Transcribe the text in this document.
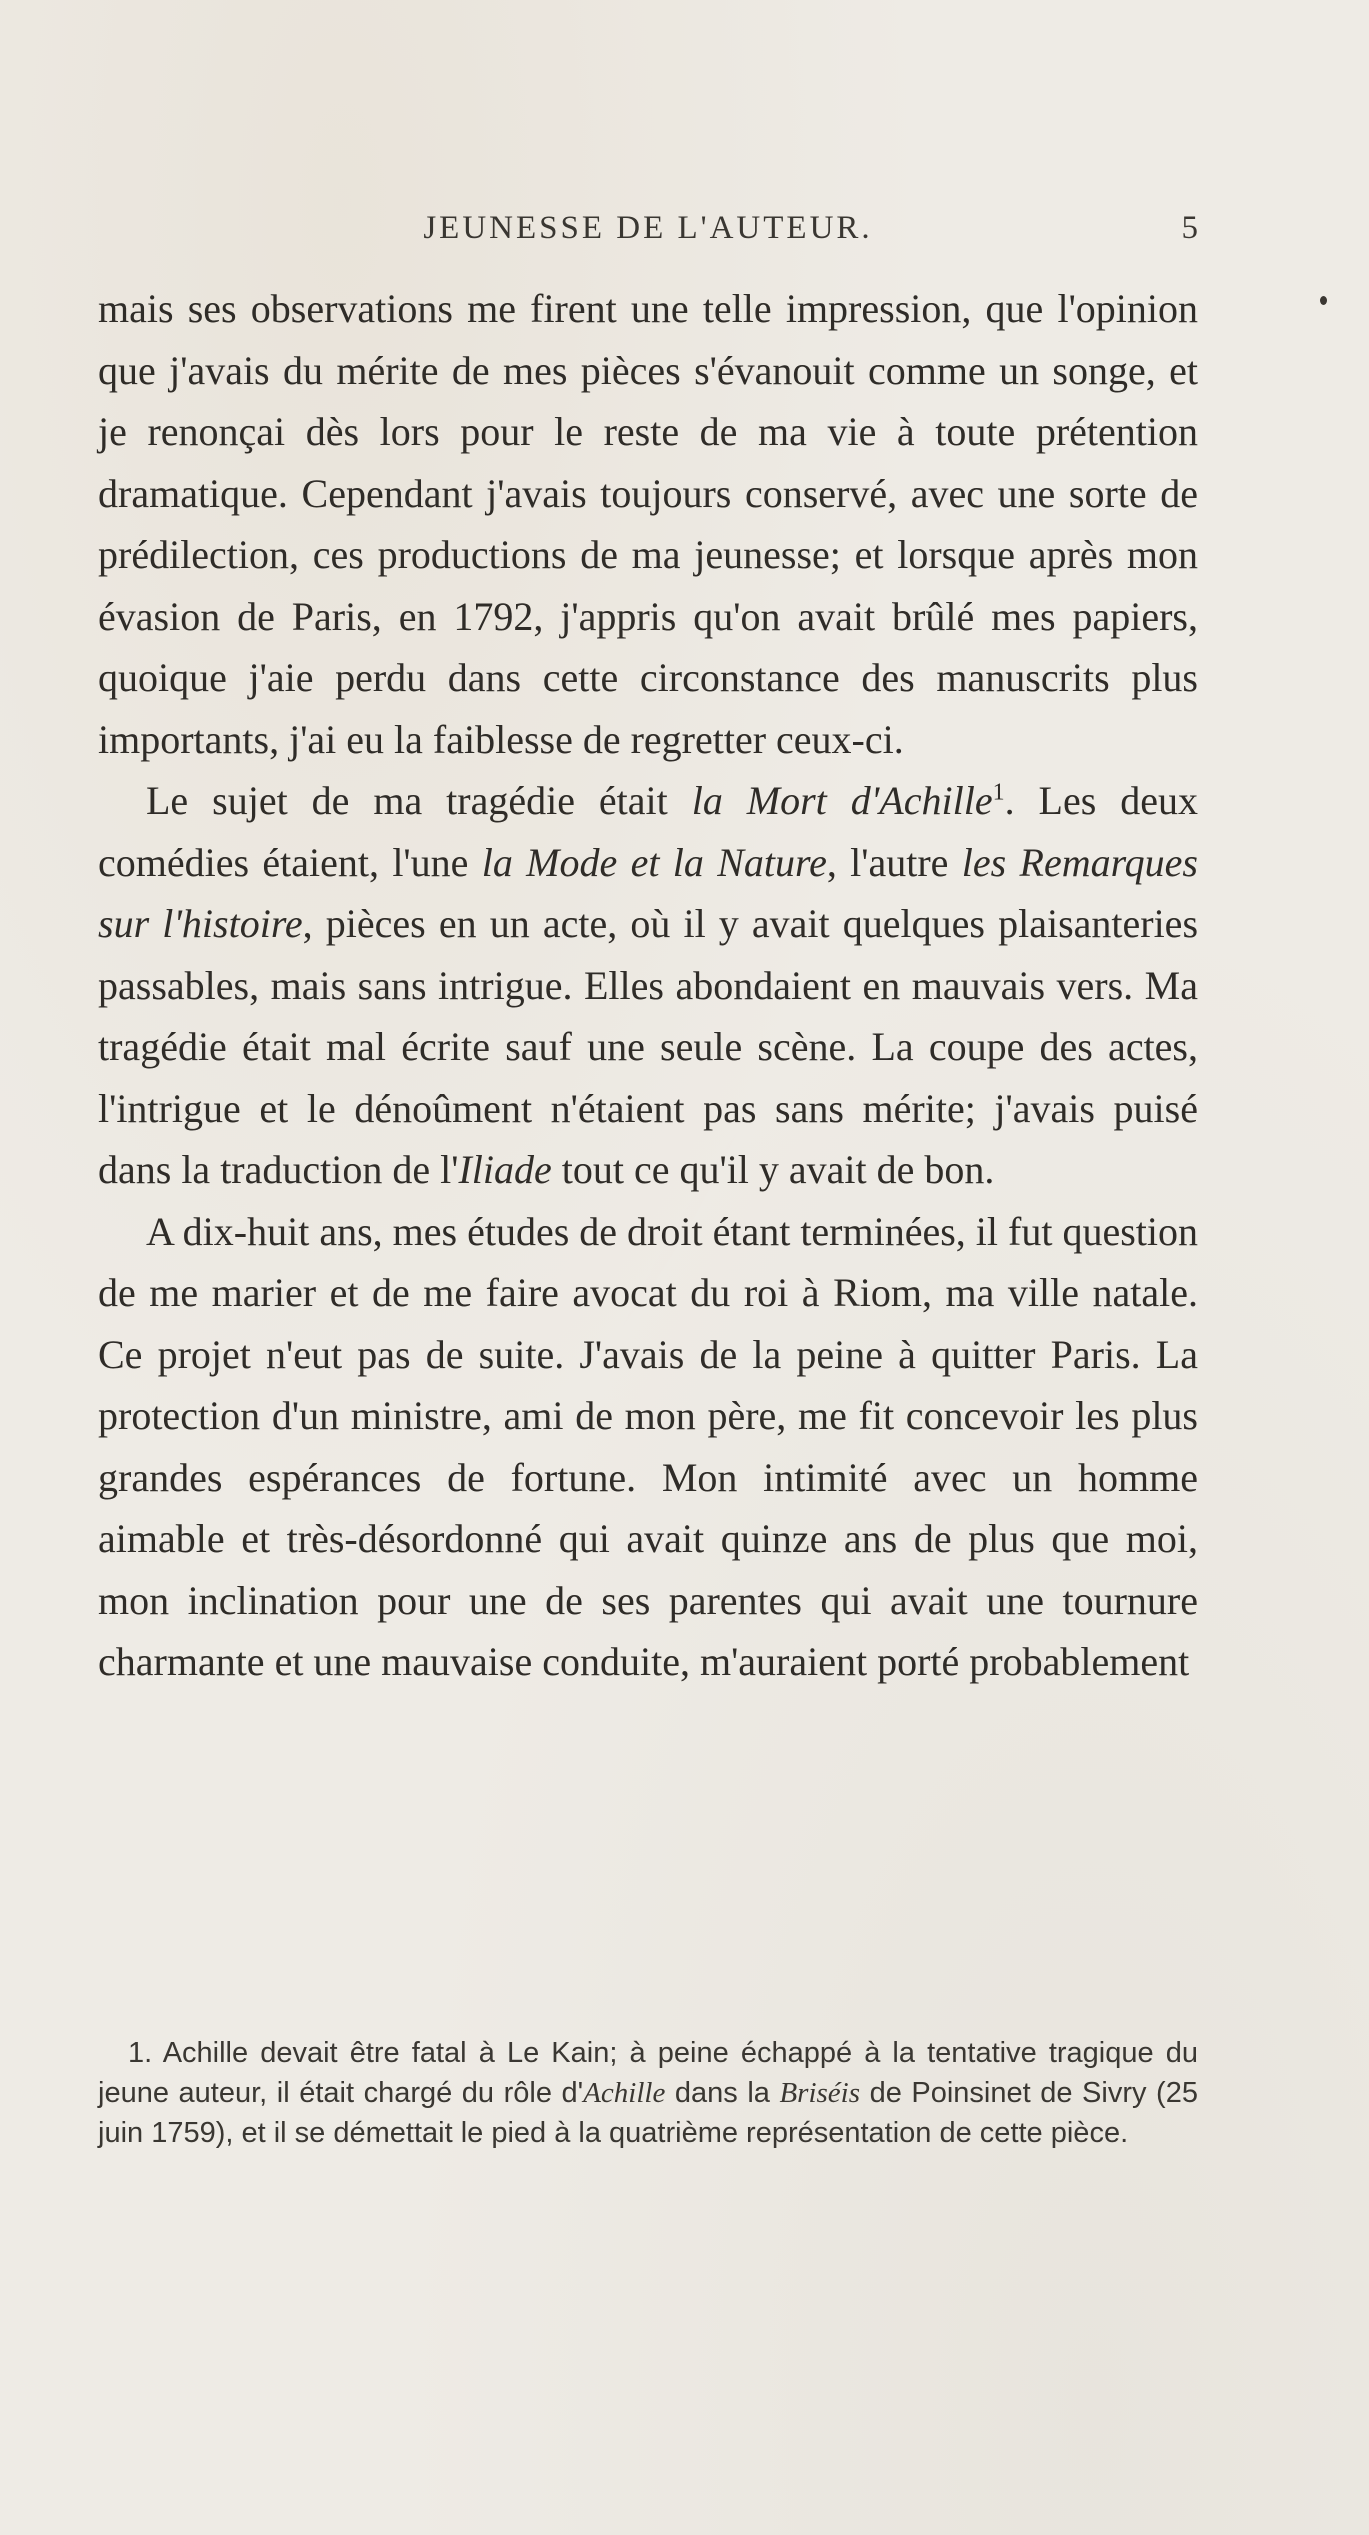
JEUNESSE DE L'AUTEUR.	5

mais ses observations me firent une telle impression, que l'opinion que j'avais du mérite de mes pièces s'évanouit comme un songe, et je renonçai dès lors pour le reste de ma vie à toute prétention dramatique. Cependant j'avais toujours conservé, avec une sorte de prédilection, ces productions de ma jeunesse; et lorsque après mon évasion de Paris, en 1792, j'appris qu'on avait brûlé mes papiers, quoique j'aie perdu dans cette circonstance des manuscrits plus importants, j'ai eu la faiblesse de regretter ceux-ci.

Le sujet de ma tragédie était la Mort d'Achille$^1$. Les deux comédies étaient, l'une la Mode et la Nature, l'autre les Remarques sur l'histoire, pièces en un acte, où il y avait quelques plaisanteries passables, mais sans intrigue. Elles abondaient en mauvais vers. Ma tragédie était mal écrite sauf une seule scène. La coupe des actes, l'intrigue et le dénoûment n'étaient pas sans mérite; j'avais puisé dans la traduction de l'Iliade tout ce qu'il y avait de bon.

A dix-huit ans, mes études de droit étant terminées, il fut question de me marier et de me faire avocat du roi à Riom, ma ville natale. Ce projet n'eut pas de suite. J'avais de la peine à quitter Paris. La protection d'un ministre, ami de mon père, me fit concevoir les plus grandes espérances de fortune. Mon intimité avec un homme aimable et très-désordonné qui avait quinze ans de plus que moi, mon inclination pour une de ses parentes qui avait une tournure charmante et une mauvaise conduite, m'auraient porté probablement

1. Achille devait être fatal à Le Kain; à peine échappé à la tentative tragique du jeune auteur, il était chargé du rôle d'Achille dans la Briséis de Poinsinet de Sivry (25 juin 1759), et il se démettait le pied à la quatrième représentation de cette pièce.
